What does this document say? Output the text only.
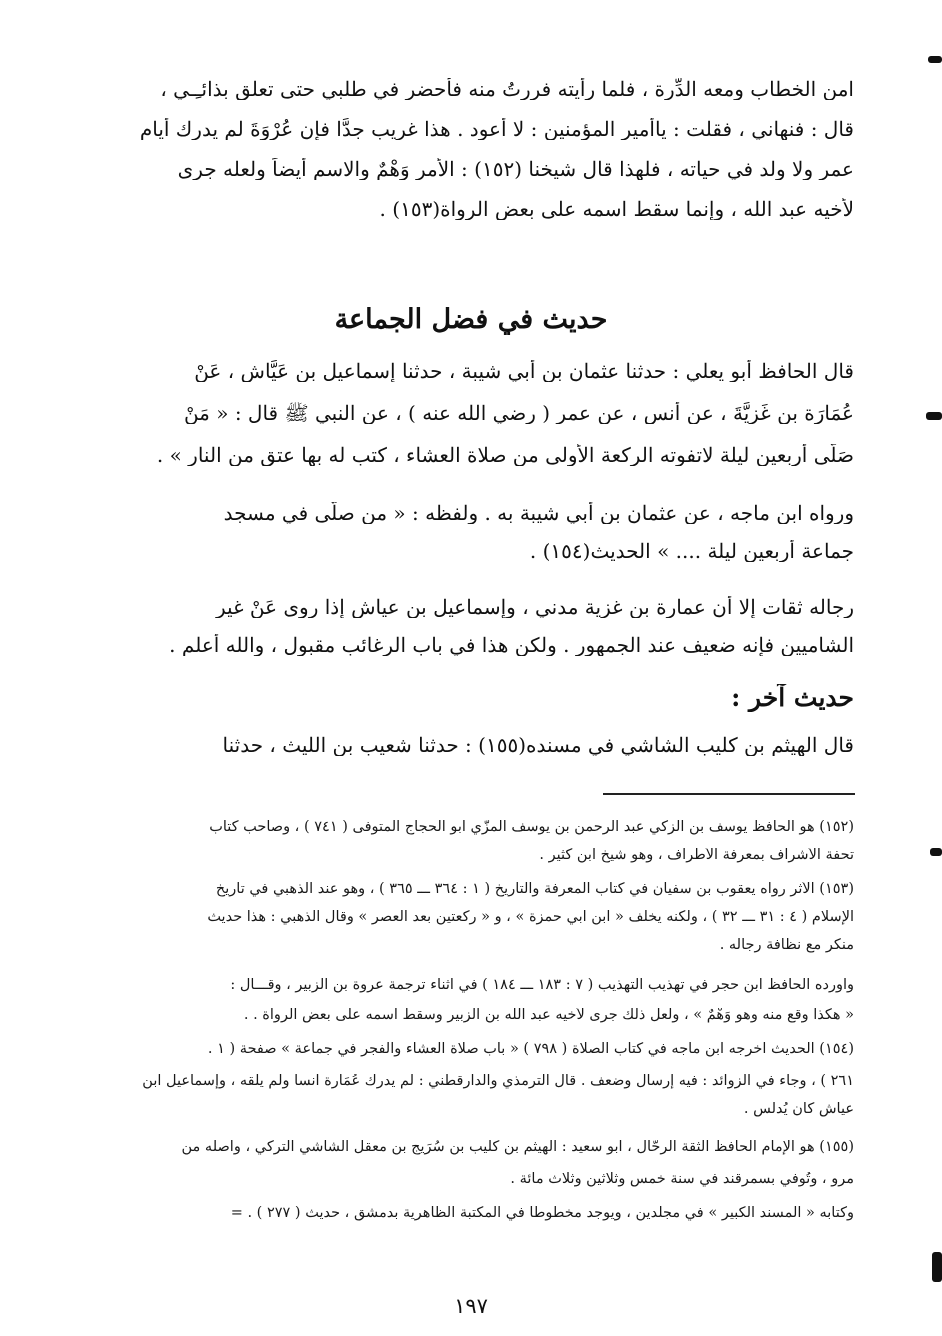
امن الخطاب ومعه الدِّرة ، فلما رأيته فررتُ منه فأحضر في طلبي حتى تعلق بذا‌ئـِـي ،
قال : فنهاني ، فقلت : ياأمير المؤمنين : لا أعود . هذا غريب جدًّا فإن عُرْوَةَ لم يدرك أيام
عمر ولا ولد في حياته ، فلهذا قال شيخنا (١٥٢) : الأمر وَهْمٌ والاسم أيضاً ولعله جرى
لأخيه عبد الله ، وإنما سقط اسمه على بعض الرواة(١٥٣) .
حديث في فضل الجماعة
قال الحافظ أبو يعلي : حدثنا عثمان بن أبي شيبة ، حدثنا إسماعيل بن عَيَّاش ، عَنْ
عُمَارَة بن غَزِيَّةَ ، عن أنس ، عن عمر ( رضي الله عنه ) ، عن النبي ﷺ قال : « مَنْ
صَلَّى أربعين ليلة لاتفوته الركعة الأولى من صلاة العشاء ، كتب له بها عتق من النار » .
ورواه ابن ماجه ، عن عثمان بن أبي شيبة به . ولفظه : « من صلَّى في مسجد
جماعة أربعين ليلة .... » الحديث(١٥٤) .
رجاله ثقات إلا أن عمارة بن غزية مدني ، وإسماعيل بن عياش إذا روى عَنْ غير
الشاميين فإنه ضعيف عند الجمهور . ولكن هذا في باب الرغائب مقبول ، والله أعلم .
حديث آخر :
قال الهيثم بن كليب الشاشي في مسنده(١٥٥) : حدثنا شعيب بن الليث ، حدثنا
(١٥٢) هو الحافظ يوسف بن الزكي عبد الرحمن بن يوسف المزّي أبو الحجاج المتوفى ( ٧٤١ ) ، وصاحب كتاب
تحفة الأشراف بمعرفة الأطراف ، وهو شيخ ابن كثير .
(١٥٣) الأثر رواه يعقوب بن سفيان في كتاب المعرفة والتاريخ ( ١ : ٣٦٤ ـــ ٣٦٥ ) ، وهو عند الذهبي في تاريخ
الإسلام ( ٤ : ٣١ ـــ ٣٢ ) ، ولكنه يخلف « ابن أبي حمزة » ، و « ركعتين بعد العصر » وقال الذهبي : هذا حديث
منكر مع نظافة رجاله .
وأورده الحافظ ابن حجر في تهذيب التهذيب ( ٧ : ١٨٣ ـــ ١٨٤ ) في أثناء ترجمة عروة بن الزبير ، وقـــال :
« هكذا وقع منه وهو وَهْمٌ » ، ولعل ذلك جرى لأخيه عبد الله بن الزبير وسقط اسمه على بعض الرواة . .
(١٥٤) الحديث أخرجه ابن ماجه في كتاب الصلاة ( ٧٩٨ ) « باب صلاة العشاء والفجر في جماعة » صفحة ( ١ .
٢٦١ ) ، وجاء في الزوائد : فيه إرسال وضعف . قال الترمذي والدارقطني : لم يدرك عُمَارة أنساً ولم يلقه ، وإسماعيل ابن
عياش كان يُدلِّس .
(١٥٥) هو الإمام الحافظ الثقة الرحَّال ، أبو سعيد : الهيثم بن كُلَيب بن سُرَيج بن معقل الشاشي التركي ، وأصله من
مرو ، وتُوفي بسمرقند في سنة خمس وثلاثين وثلاث مائة .
وكتابه « المسند الكبير » في مجلدين ، ويوجد مخطوطاً في المكتبة الظاهرية بدمشق ، حديث ( ٢٧٧ ) . =
١٩٧
